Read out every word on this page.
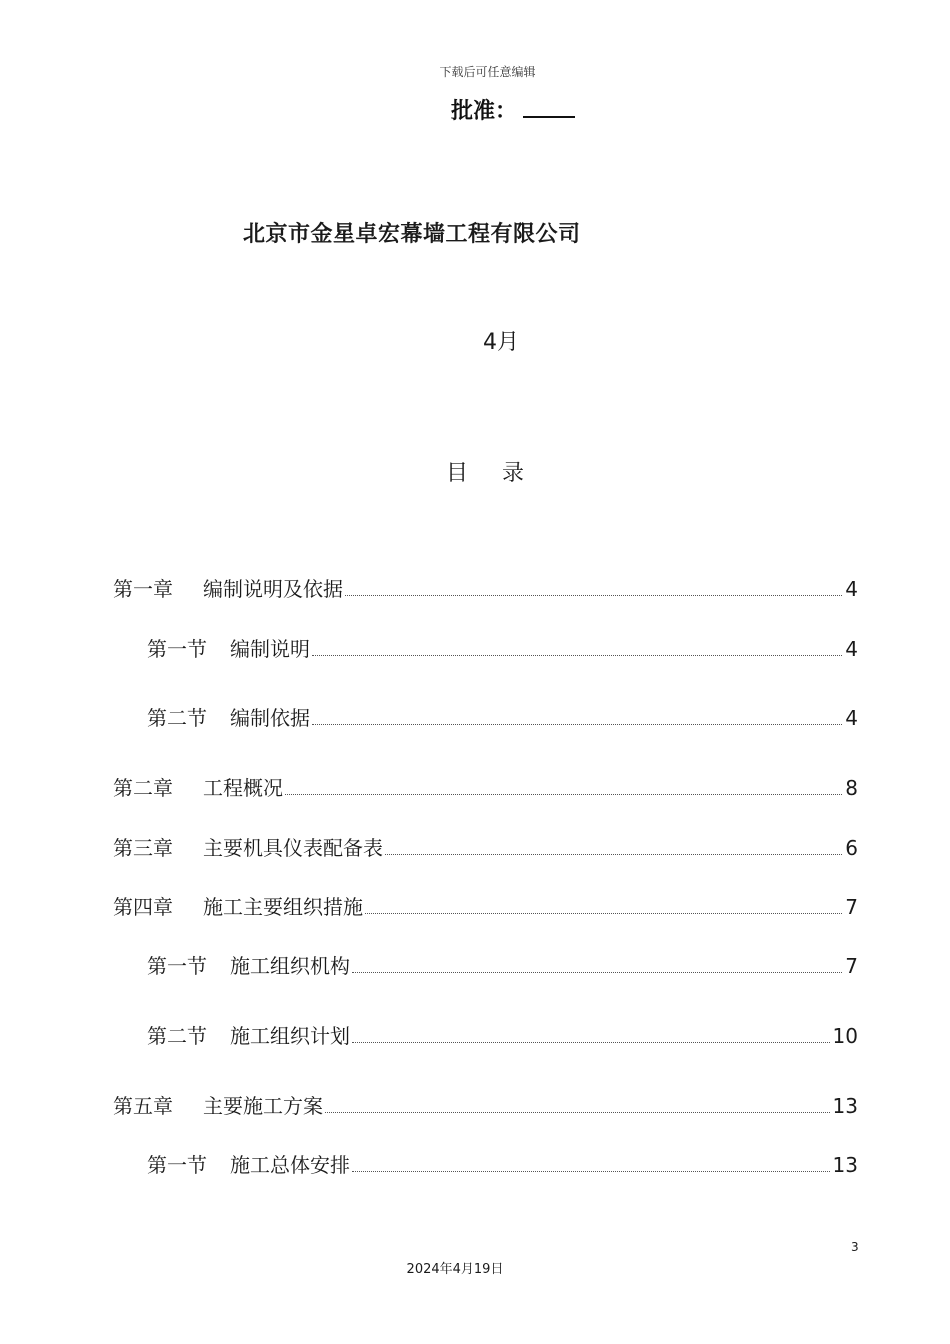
下载后可任意编辑
批准：
北京市金星卓宏幕墙工程有限公司
4月
目录
第一章	编制说明及依据	4
第一节	编制说明	4
第二节	编制依据	4
第二章	工程概况	8
第三章	主要机具仪表配备表	6
第四章	施工主要组织措施	7
第一节	施工组织机构	7
第二节	施工组织计划	10
第五章	主要施工方案	13
第一节	施工总体安排	13
3
2024年4月19日
